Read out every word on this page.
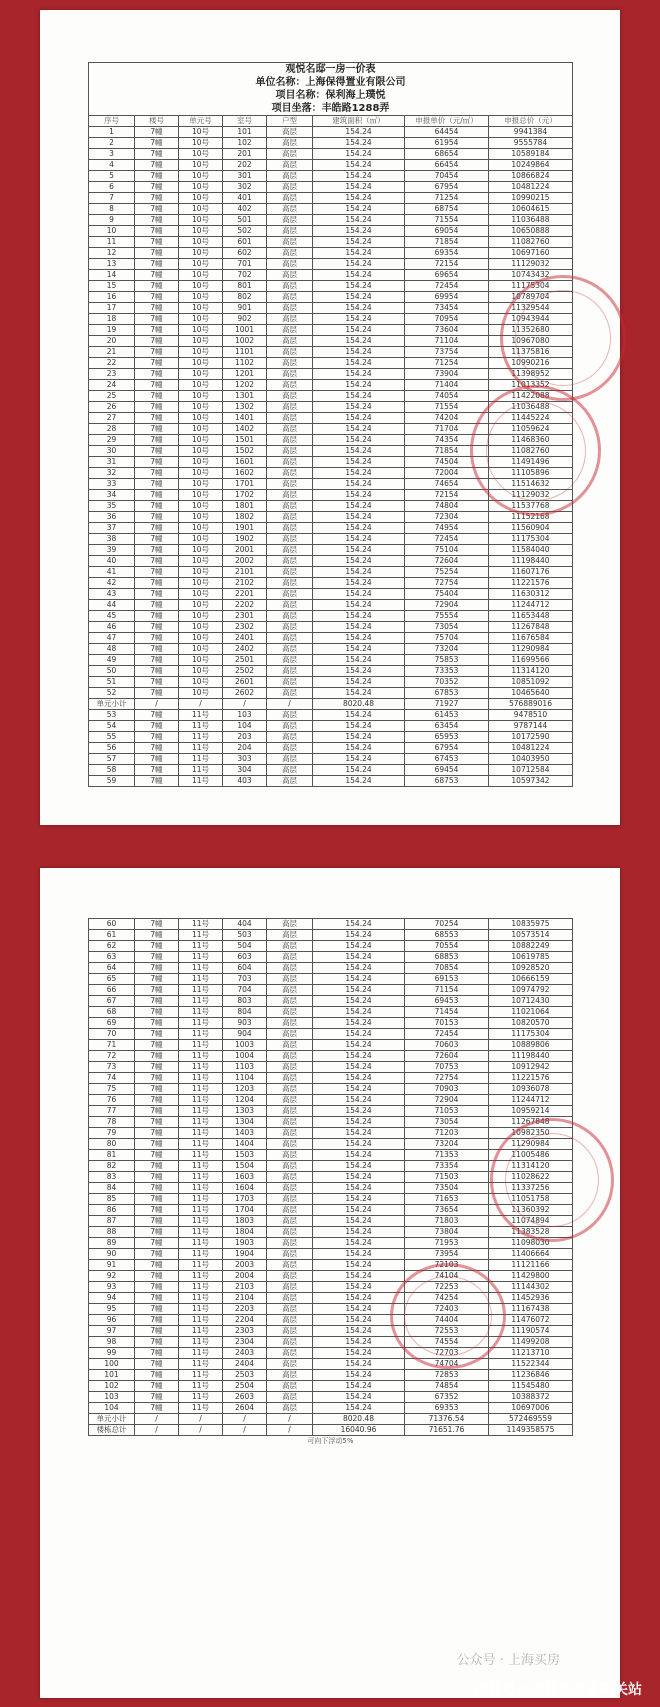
观悦名邸一房一价表							
单位名称：上海保得置业有限公司							
项目名称：保利海上璞悦							
项目坐落：丰皓路1288弄							
序号	楼号	单元号	室号	户型	建筑面积（㎡）	申报单价（元/㎡）	申报总价（元）
1	7幢	10号	101	高层	154.24	64454	9941384
2	7幢	10号	102	高层	154.24	61954	9555784
3	7幢	10号	201	高层	154.24	68654	10589184
4	7幢	10号	202	高层	154.24	66454	10249864
5	7幢	10号	301	高层	154.24	70454	10866824
6	7幢	10号	302	高层	154.24	67954	10481224
7	7幢	10号	401	高层	154.24	71254	10990215
8	7幢	10号	402	高层	154.24	68754	10604615
9	7幢	10号	501	高层	154.24	71554	11036488
10	7幢	10号	502	高层	154.24	69054	10650888
11	7幢	10号	601	高层	154.24	71854	11082760
12	7幢	10号	602	高层	154.24	69354	10697160
13	7幢	10号	701	高层	154.24	72154	11129032
14	7幢	10号	702	高层	154.24	69654	10743432
15	7幢	10号	801	高层	154.24	72454	11175304
16	7幢	10号	802	高层	154.24	69954	10789704
17	7幢	10号	901	高层	154.24	73454	11329544
18	7幢	10号	902	高层	154.24	70954	10943944
19	7幢	10号	1001	高层	154.24	73604	11352680
20	7幢	10号	1002	高层	154.24	71104	10967080
21	7幢	10号	1101	高层	154.24	73754	11375816
22	7幢	10号	1102	高层	154.24	71254	10990216
23	7幢	10号	1201	高层	154.24	73904	11398952
24	7幢	10号	1202	高层	154.24	71404	11013352
25	7幢	10号	1301	高层	154.24	74054	11422088
26	7幢	10号	1302	高层	154.24	71554	11036488
27	7幢	10号	1401	高层	154.24	74204	11445224
28	7幢	10号	1402	高层	154.24	71704	11059624
29	7幢	10号	1501	高层	154.24	74354	11468360
30	7幢	10号	1502	高层	154.24	71854	11082760
31	7幢	10号	1601	高层	154.24	74504	11491496
32	7幢	10号	1602	高层	154.24	72004	11105896
33	7幢	10号	1701	高层	154.24	74654	11514632
34	7幢	10号	1702	高层	154.24	72154	11129032
35	7幢	10号	1801	高层	154.24	74804	11537768
36	7幢	10号	1802	高层	154.24	72304	11152168
37	7幢	10号	1901	高层	154.24	74954	11560904
38	7幢	10号	1902	高层	154.24	72454	11175304
39	7幢	10号	2001	高层	154.24	75104	11584040
40	7幢	10号	2002	高层	154.24	72604	11198440
41	7幢	10号	2101	高层	154.24	75254	11607176
42	7幢	10号	2102	高层	154.24	72754	11221576
43	7幢	10号	2201	高层	154.24	75404	11630312
44	7幢	10号	2202	高层	154.24	72904	11244712
45	7幢	10号	2301	高层	154.24	75554	11653448
46	7幢	10号	2302	高层	154.24	73054	11267848
47	7幢	10号	2401	高层	154.24	75704	11676584
48	7幢	10号	2402	高层	154.24	73204	11290984
49	7幢	10号	2501	高层	154.24	75853	11699566
50	7幢	10号	2502	高层	154.24	73353	11314120
51	7幢	10号	2601	高层	154.24	70352	10851092
52	7幢	10号	2602	高层	154.24	67853	10465640
单元小计	/	/	/	/	8020.48	71927	576889016
53	7幢	11号	103	高层	154.24	61453	9478510
54	7幢	11号	104	高层	154.24	63454	9787144
55	7幢	11号	203	高层	154.24	65953	10172590
56	7幢	11号	204	高层	154.24	67954	10481224
57	7幢	11号	303	高层	154.24	67453	10403950
58	7幢	11号	304	高层	154.24	69454	10712584
59	7幢	11号	403	高层	154.24	68753	10597342
60	7幢	11号	404	高层	154.24	70254	10835975
61	7幢	11号	503	高层	154.24	68553	10573514
62	7幢	11号	504	高层	154.24	70554	10882249
63	7幢	11号	603	高层	154.24	68853	10619785
64	7幢	11号	604	高层	154.24	70854	10928520
65	7幢	11号	703	高层	154.24	69153	10666159
66	7幢	11号	704	高层	154.24	71154	10974792
67	7幢	11号	803	高层	154.24	69453	10712430
68	7幢	11号	804	高层	154.24	71454	11021064
69	7幢	11号	903	高层	154.24	70153	10820570
70	7幢	11号	904	高层	154.24	72454	11175304
71	7幢	11号	1003	高层	154.24	70603	10889806
72	7幢	11号	1004	高层	154.24	72604	11198440
73	7幢	11号	1103	高层	154.24	70753	10912942
74	7幢	11号	1104	高层	154.24	72754	11221576
75	7幢	11号	1203	高层	154.24	70903	10936078
76	7幢	11号	1204	高层	154.24	72904	11244712
77	7幢	11号	1303	高层	154.24	71053	10959214
78	7幢	11号	1304	高层	154.24	73054	11267848
79	7幢	11号	1403	高层	154.24	71203	10982350
80	7幢	11号	1404	高层	154.24	73204	11290984
81	7幢	11号	1503	高层	154.24	71353	11005486
82	7幢	11号	1504	高层	154.24	73354	11314120
83	7幢	11号	1603	高层	154.24	71503	11028622
84	7幢	11号	1604	高层	154.24	73504	11337256
85	7幢	11号	1703	高层	154.24	71653	11051758
86	7幢	11号	1704	高层	154.24	73654	11360392
87	7幢	11号	1803	高层	154.24	71803	11074894
88	7幢	11号	1804	高层	154.24	73804	11383528
89	7幢	11号	1903	高层	154.24	71953	11098030
90	7幢	11号	1904	高层	154.24	73954	11406664
91	7幢	11号	2003	高层	154.24	72103	11121166
92	7幢	11号	2004	高层	154.24	74104	11429800
93	7幢	11号	2103	高层	154.24	72253	11144302
94	7幢	11号	2104	高层	154.24	74254	11452936
95	7幢	11号	2203	高层	154.24	72403	11167438
96	7幢	11号	2204	高层	154.24	74404	11476072
97	7幢	11号	2303	高层	154.24	72553	11190574
98	7幢	11号	2304	高层	154.24	74554	11499208
99	7幢	11号	2403	高层	154.24	72703	11213710
100	7幢	11号	2404	高层	154.24	74704	11522344
101	7幢	11号	2503	高层	154.24	72853	11236846
102	7幢	11号	2504	高层	154.24	74854	11545480
103	7幢	11号	2603	高层	154.24	67352	10388372
104	7幢	11号	2604	高层	154.24	69353	10697006
单元小计	/	/	/	/	8020.48	71376.54	572469559
楼栋总计	/	/	/	/	16040.96	71651.76	1149358575
可向下浮动5%							
公众号 · 上海买房
搜狐号@搜狐焦点嘉略关站
